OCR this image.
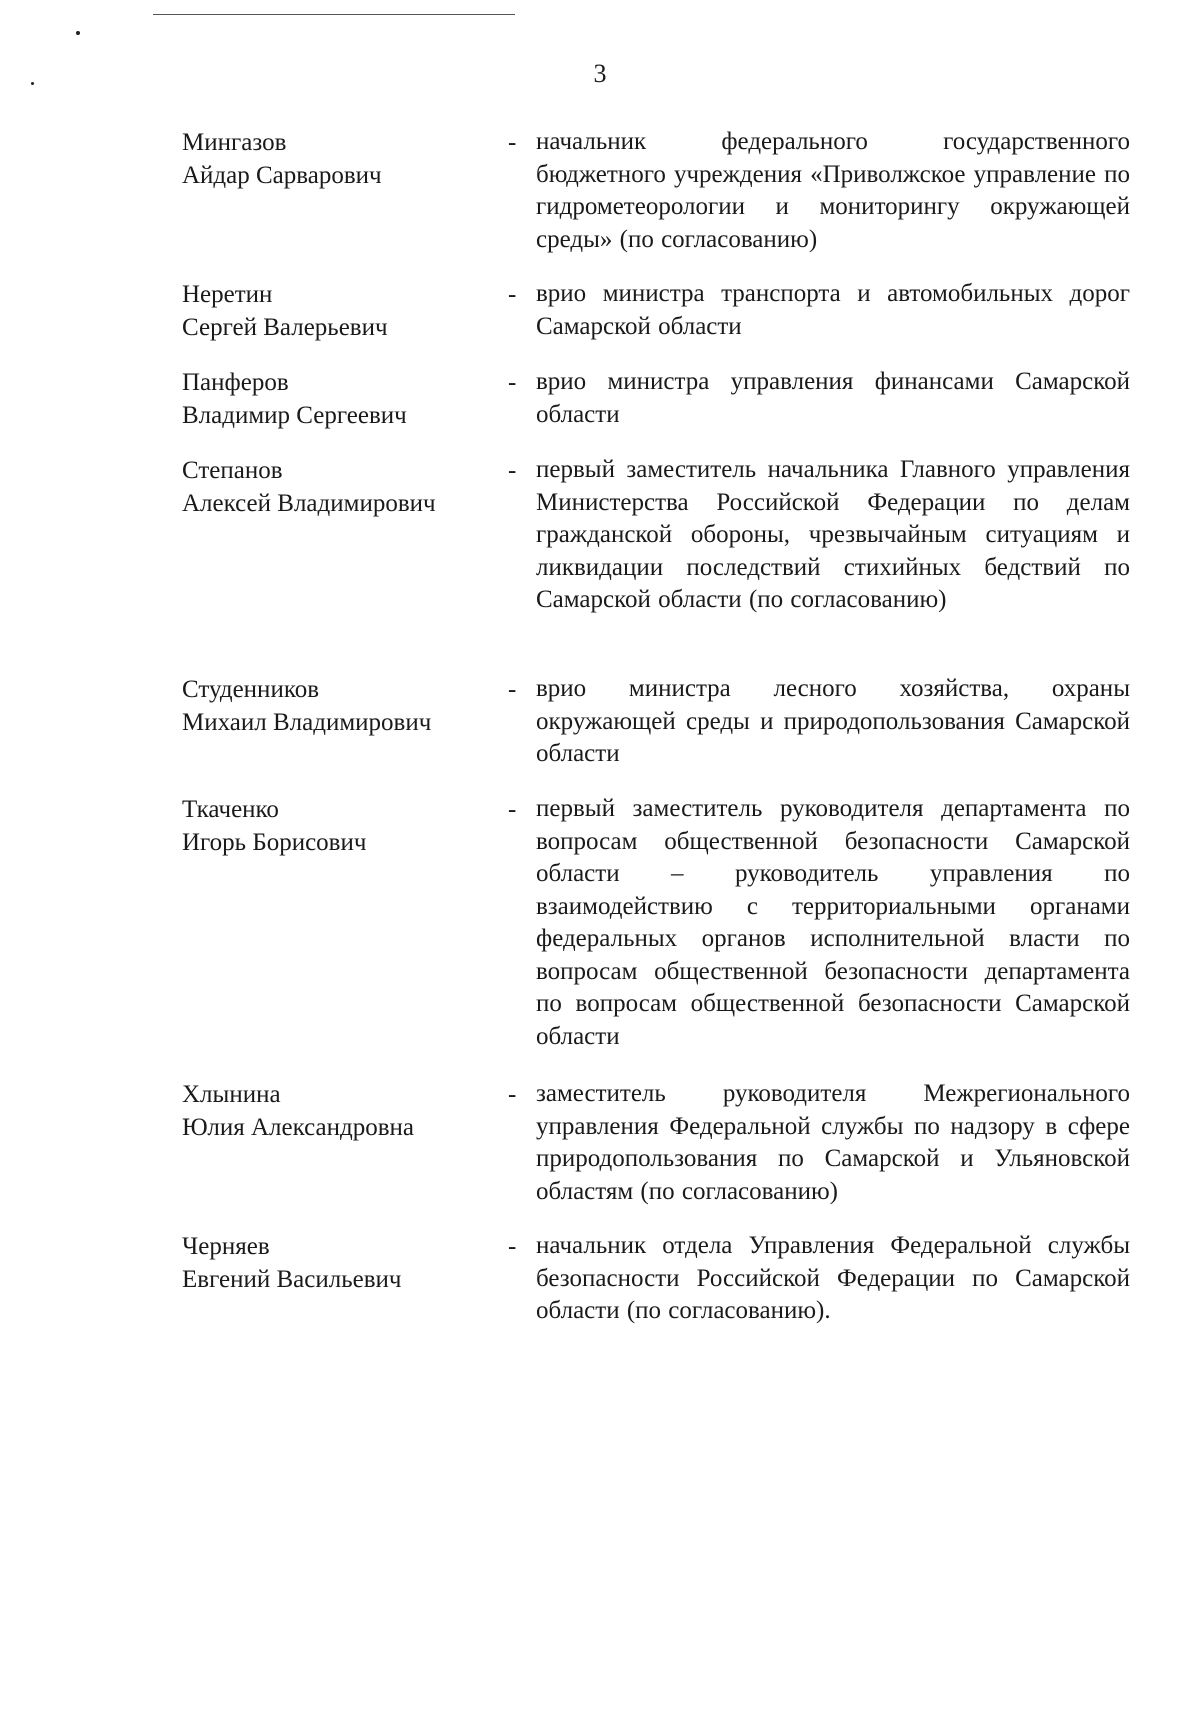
3
Мингазов
Айдар Сарварович
- начальник федерального государственного бюджетного учреждения «Приволжское управление по гидрометеорологии и мониторингу окружающей среды» (по согласованию)
Неретин
Сергей Валерьевич
- врио министра транспорта и автомобильных дорог Самарской области
Панферов
Владимир Сергеевич
- врио министра управления финансами Самарской области
Степанов
Алексей Владимирович
- первый заместитель начальника Главного управления Министерства Российской Федерации по делам гражданской обороны, чрезвычайным ситуациям и ликвидации последствий стихийных бедствий по Самарской области (по согласованию)
Студенников
Михаил Владимирович
- врио министра лесного хозяйства, охраны окружающей среды и природопользования Самарской области
Ткаченко
Игорь Борисович
- первый заместитель руководителя департамента по вопросам общественной безопасности Самарской области – руководитель управления по взаимодействию с территориальными органами федеральных органов исполнительной власти по вопросам общественной безопасности департамента по вопросам общественной безопасности Самарской области
Хлынина
Юлия Александровна
- заместитель руководителя Межрегионального управления Федеральной службы по надзору в сфере природопользования по Самарской и Ульяновской областям (по согласованию)
Черняев
Евгений Васильевич
- начальник отдела Управления Федеральной службы безопасности Российской Федерации по Самарской области (по согласованию).
